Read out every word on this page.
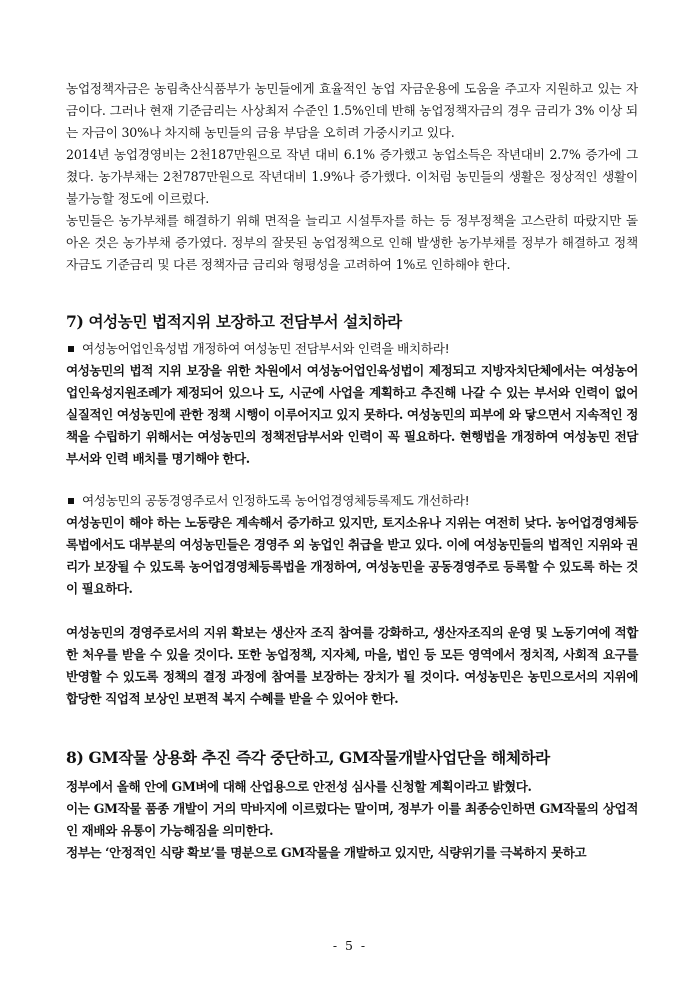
농업정책자금은 농림축산식품부가 농민들에게 효율적인 농업 자금운용에 도움을 주고자 지원하고 있는 자금이다. 그러나 현재 기준금리는 사상최저 수준인 1.5%인데 반해 농업정책자금의 경우 금리가 3% 이상 되는 자금이 30%나 차지해 농민들의 금융 부담을 오히려 가중시키고 있다.

2014년 농업경영비는 2천187만원으로 작년 대비 6.1% 증가했고 농업소득은 작년대비 2.7% 증가에 그쳤다. 농가부채는 2천787만원으로 작년대비 1.9%나 증가했다. 이처럼 농민들의 생활은 정상적인 생활이 불가능할 정도에 이르렀다.

농민들은 농가부채를 해결하기 위해 면적을 늘리고 시설투자를 하는 등 정부정책을 고스란히 따랐지만 돌아온 것은 농가부채 증가였다. 정부의 잘못된 농업정책으로 인해 발생한 농가부채를 정부가 해결하고 정책자금도 기준금리 및 다른 정책자금 금리와 형평성을 고려하여 1%로 인하해야 한다.

7) 여성농민 법적지위 보장하고 전담부서 설치하라

여성농어업인육성법 개정하여 여성농민 전담부서와 인력을 배치하라!

여성농민의 법적 지위 보장을 위한 차원에서 여성농어업인육성법이 제정되고 지방자치단체에서는 여성농어업인육성지원조례가 제정되어 있으나 도, 시군에 사업을 계획하고 추진해 나갈 수 있는 부서와 인력이 없어 실질적인 여성농민에 관한 정책 시행이 이루어지고 있지 못하다. 여성농민의 피부에 와 닿으면서 지속적인 정책을 수립하기 위해서는 여성농민의 정책전담부서와 인력이 꼭 필요하다. 현행법을 개정하여 여성농민 전담부서와 인력 배치를 명기해야 한다.

여성농민의 공동경영주로서 인정하도록 농어업경영체등록제도 개선하라!

여성농민이 해야 하는 노동량은 계속해서 증가하고 있지만, 토지소유나 지위는 여전히 낮다. 농어업경영체등록법에서도 대부분의 여성농민들은 경영주 외 농업인 취급을 받고 있다. 이에 여성농민들의 법적인 지위와 권리가 보장될 수 있도록 농어업경영체등록법을 개정하여, 여성농민을 공동경영주로 등록할 수 있도록 하는 것이 필요하다.

여성농민의 경영주로서의 지위 확보는 생산자 조직 참여를 강화하고, 생산자조직의 운영 및 노동기여에 적합한 처우를 받을 수 있을 것이다. 또한 농업정책, 지자체, 마을, 법인 등 모든 영역에서 정치적, 사회적 요구를 반영할 수 있도록 정책의 결정 과정에 참여를 보장하는 장치가 될 것이다. 여성농민은 농민으로서의 지위에 합당한 직업적 보상인 보편적 복지 수혜를 받을 수 있어야 한다.

8) GM작물 상용화 추진 즉각 중단하고, GM작물개발사업단을 해체하라

정부에서 올해 안에 GM벼에 대해 산업용으로 안전성 심사를 신청할 계획이라고 밝혔다.

이는 GM작물 품종 개발이 거의 막바지에 이르렀다는 말이며, 정부가 이를 최종승인하면 GM작물의 상업적인 재배와 유통이 가능해짐을 의미한다.

정부는 ‘안정적인 식량 확보’를 명분으로 GM작물을 개발하고 있지만, 식량위기를 극복하지 못하고

- 5 -
